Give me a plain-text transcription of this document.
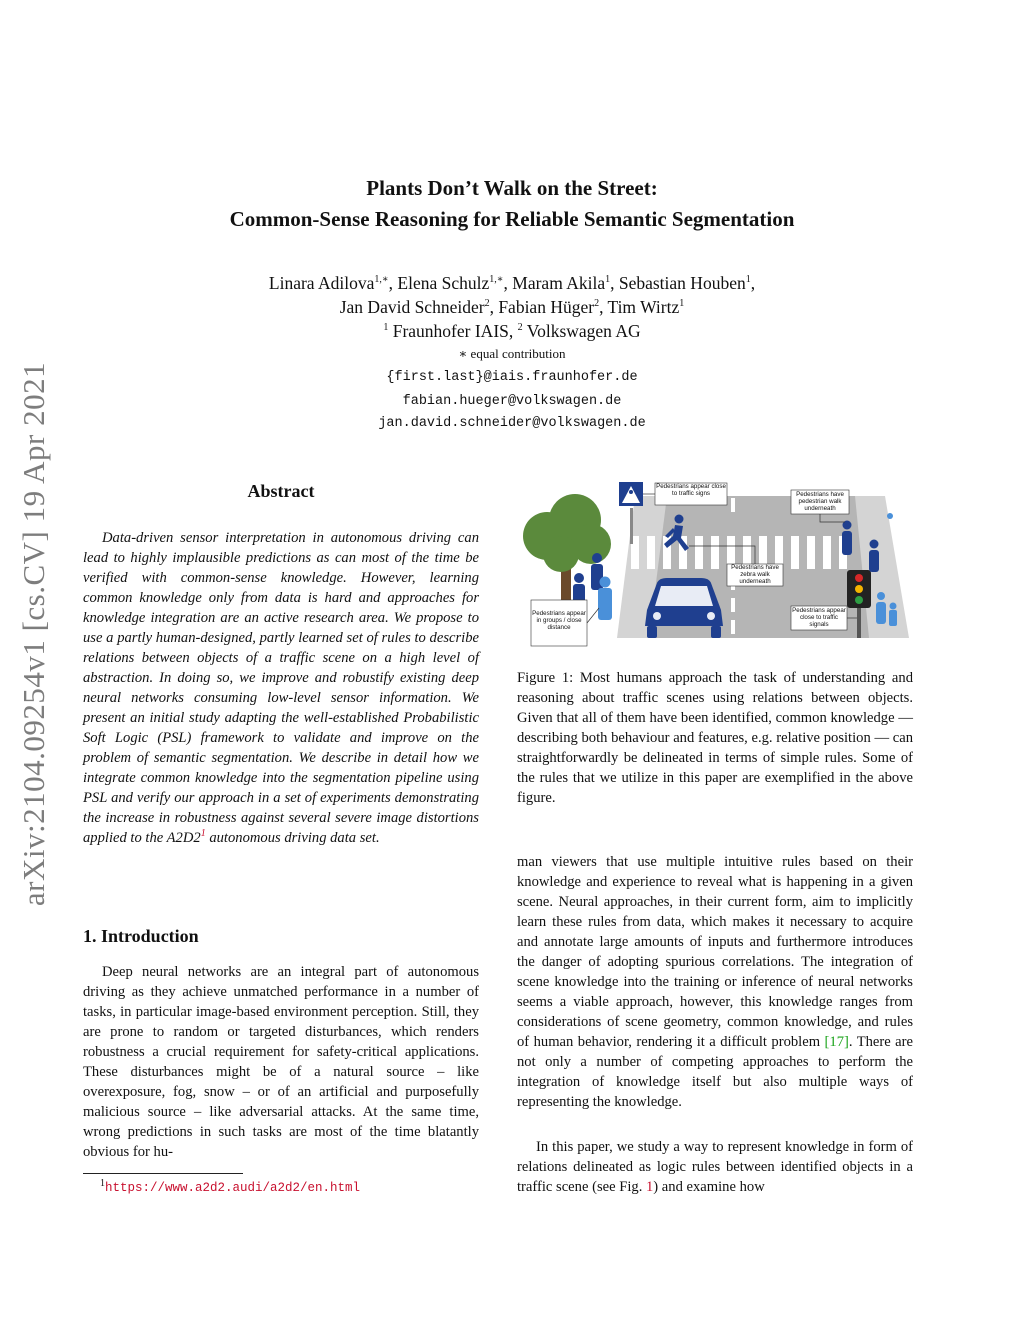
arXiv:2104.09254v1 [cs.CV] 19 Apr 2021
Plants Don’t Walk on the Street:
Common-Sense Reasoning for Reliable Semantic Segmentation
Linara Adilova$^{1,∗}$, Elena Schulz$^{1,∗}$, Maram Akila$^1$, Sebastian Houben$^1$,
Jan David Schneider$^2$, Fabian Hüger$^2$, Tim Wirtz$^1$
$^1$ Fraunhofer IAIS, $^2$ Volkswagen AG
∗ equal contribution
{first.last}@iais.fraunhofer.de
fabian.hueger@volkswagen.de
jan.david.schneider@volkswagen.de
Abstract
Data-driven sensor interpretation in autonomous driving can lead to highly implausible predictions as can most of the time be verified with common-sense knowledge. However, learning common knowledge only from data is hard and approaches for knowledge integration are an active research area. We propose to use a partly human-designed, partly learned set of rules to describe relations between objects of a traffic scene on a high level of abstraction. In doing so, we improve and robustify existing deep neural networks consuming low-level sensor information. We present an initial study adapting the well-established Probabilistic Soft Logic (PSL) framework to validate and improve on the problem of semantic segmentation. We describe in detail how we integrate common knowledge into the segmentation pipeline using PSL and verify our approach in a set of experiments demonstrating the increase in robustness against several severe image distortions applied to the $A2D2^1$ autonomous driving data set.
1. Introduction
Deep neural networks are an integral part of autonomous driving as they achieve unmatched performance in a number of tasks, in particular image-based environment perception. Still, they are prone to random or targeted disturbances, which renders robustness a crucial requirement for safety-critical applications. These disturbances might be of a natural source – like overexposure, fog, snow – or of an artificial and purposefully malicious source – like adversarial attacks. At the same time, wrong predictions in such tasks are most of the time blatantly obvious for hu-
$^1$https://www.a2d2.audi/a2d2/en.html
Pedestrians appear close to traffic signs	Pedestrians have pedestrian walk underneath
Pedestrians have zebra walk underneath
Pedestrians appear close to traffic signals
Pedestrians appear in groups / close distance
Figure 1: Most humans approach the task of understanding and reasoning about traffic scenes using relations between objects. Given that all of them have been identified, common knowledge — describing both behaviour and features, e.g. relative position — can straightforwardly be delineated in terms of simple rules. Some of the rules that we utilize in this paper are exemplified in the above figure.
man viewers that use multiple intuitive rules based on their knowledge and experience to reveal what is happening in a given scene. Neural approaches, in their current form, aim to implicitly learn these rules from data, which makes it necessary to acquire and annotate large amounts of inputs and furthermore introduces the danger of adopting spurious correlations. The integration of scene knowledge into the training or inference of neural networks seems a viable approach, however, this knowledge ranges from considerations of scene geometry, common knowledge, and rules of human behavior, rendering it a difficult problem [17]. There are not only a number of competing approaches to perform the integration of knowledge itself but also multiple ways of representing the knowledge.
In this paper, we study a way to represent knowledge in form of relations delineated as logic rules between identified objects in a traffic scene (see Fig. 1) and examine how
